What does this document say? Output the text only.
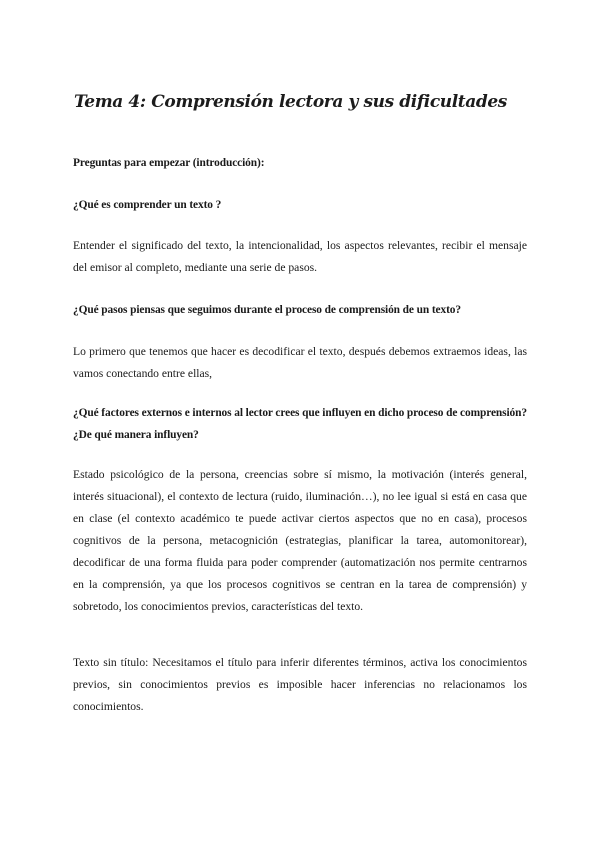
Tema 4: Comprensión lectora y sus dificultades

Preguntas para empezar (introducción):

¿Qué es comprender un texto ?

Entender el significado del texto, la intencionalidad, los aspectos relevantes, recibir el mensaje del emisor al completo, mediante una serie de pasos.

¿Qué pasos piensas que seguimos durante el proceso de comprensión de un texto?

Lo primero que tenemos que hacer es decodificar el texto, después debemos extraemos ideas, las vamos conectando entre ellas,

¿Qué factores externos e internos al lector crees que influyen en dicho proceso de comprensión? ¿De qué manera influyen?

Estado psicológico de la persona, creencias sobre sí mismo, la motivación (interés general, interés situacional), el contexto de lectura (ruido, iluminación…), no lee igual si está en casa que en clase (el contexto académico te puede activar ciertos aspectos que no en casa), procesos cognitivos de la persona, metacognición (estrategias, planificar la tarea, automonitorear), decodificar de una forma fluida para poder comprender (automatización nos permite centrarnos en la comprensión, ya que los procesos cognitivos se centran en la tarea de comprensión) y sobretodo, los conocimientos previos, características del texto.

Texto sin título: Necesitamos el título para inferir diferentes términos, activa los conocimientos previos, sin conocimientos previos es imposible hacer inferencias no relacionamos los conocimientos.
